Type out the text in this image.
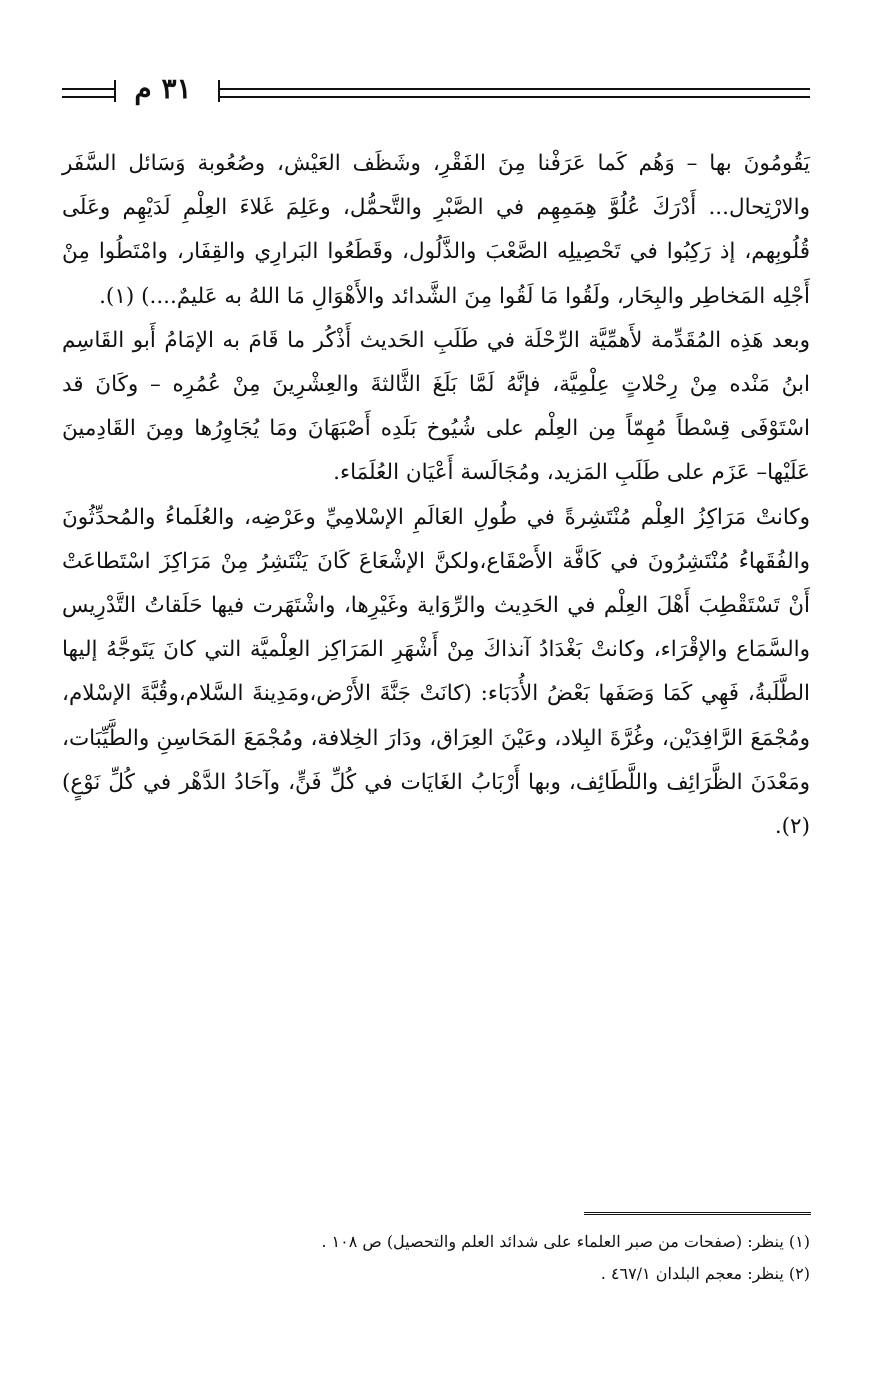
٣١ م

يَقُومُونَ بها – وَهُم كَما عَرَفْنا مِنَ الفَقْرِ، وشَظَف العَيْش، وصُعُوبة وَسَائل السَّفَر والارْتِحال... أَدْرَكَ عُلُوَّ هِمَمِهِم في الصَّبْرِ والتَّحمُّل، وعَلِمَ غَلاءَ العِلْمِ لَدَيْهِم وعَلَى قُلُوبِهم، إذ رَكِبُوا في تَحْصِيلِه الصَّعْبَ والذَّلُول، وقَطَعُوا البَرارِي والقِفَار، وامْتَطُوا مِنْ أَجْلِه المَخاطِر والبِحَار، ولَقُوا مَا لَقُوا مِنَ الشَّدائد والأَهْوَالِ مَا اللهُ به عَليمٌ....) (١).

وبعد هَذِه المُقَدِّمة لأَهمِّيَّة الرِّحْلَة في طَلَبِ الحَديث أَذْكُر ما قَامَ به الإمَامُ أَبو القَاسِم ابنُ مَنْده مِنْ رِحْلاتٍ عِلْمِيَّة، فإنَّهُ لَمَّا بَلَغَ الثَّالثةَ والعِشْرِينَ مِنْ عُمُرِه – وكَانَ قد اسْتَوْفَى قِسْطاً مُهِمّاً مِن العِلْم على شُيُوخ بَلَدِه أَصْبَهَانَ ومَا يُجَاوِرُها ومِنَ القَادِمينَ عَلَيْها– عَزَم على طَلَبِ المَزيد، ومُجَالَسة أَعْيَان العُلَمَاء.

وكانتْ مَرَاكِزُ العِلْم مُنْتَشِرةً في طُولِ العَالَمِ الإسْلامِيِّ وعَرْضِه، والعُلَماءُ والمُحدِّثُونَ والفُقَهاءُ مُنْتَشِرُونَ في كَافَّة الأَصْقَاع،ولكنَّ الإشْعَاعَ كَانَ يَنْتَشِرُ مِنْ مَرَاكِزَ اسْتَطاعَتْ أَنْ تَسْتَقْطِبَ أَهْلَ العِلْم في الحَدِيث والرِّوَاية وغَيْرِها، واشْتَهَرت فيها حَلَقاتُ التَّدْرِيس والسَّمَاع والإقْرَاء، وكانتْ بَغْدَادُ آنذاكَ مِنْ أَشْهَرِ المَرَاكِز العِلْميَّة التي كانَ يَتَوجَّهُ إليها الطَّلَبةُ، فَهِي كَمَا وَصَفَها بَعْضُ الأُدَبَاء: (كانَتْ جَنَّةَ الأَرْض،ومَدِينةَ السَّلام،وقُبَّةَ الإسْلام، ومُجْمَعَ الرَّافِدَيْن، وغُرَّةَ البِلاد، وعَيْنَ العِرَاق، ودَارَ الخِلافة، ومُجْمَعَ المَحَاسِنِ والطَّيِّبَات، ومَعْدَنَ الظَّرَائِف واللَّطَائِف، وبها أَرْبَابُ الغَايَات في كُلِّ فَنٍّ، وآحَادُ الدَّهْر في كُلِّ نَوْعٍ)(٢).

(١) ينظر: (صفحات من صبر العلماء على شدائد العلم والتحصيل) ص ١٠٨ .

(٢) ينظر: معجم البلدان ٤٦٧/١ .
